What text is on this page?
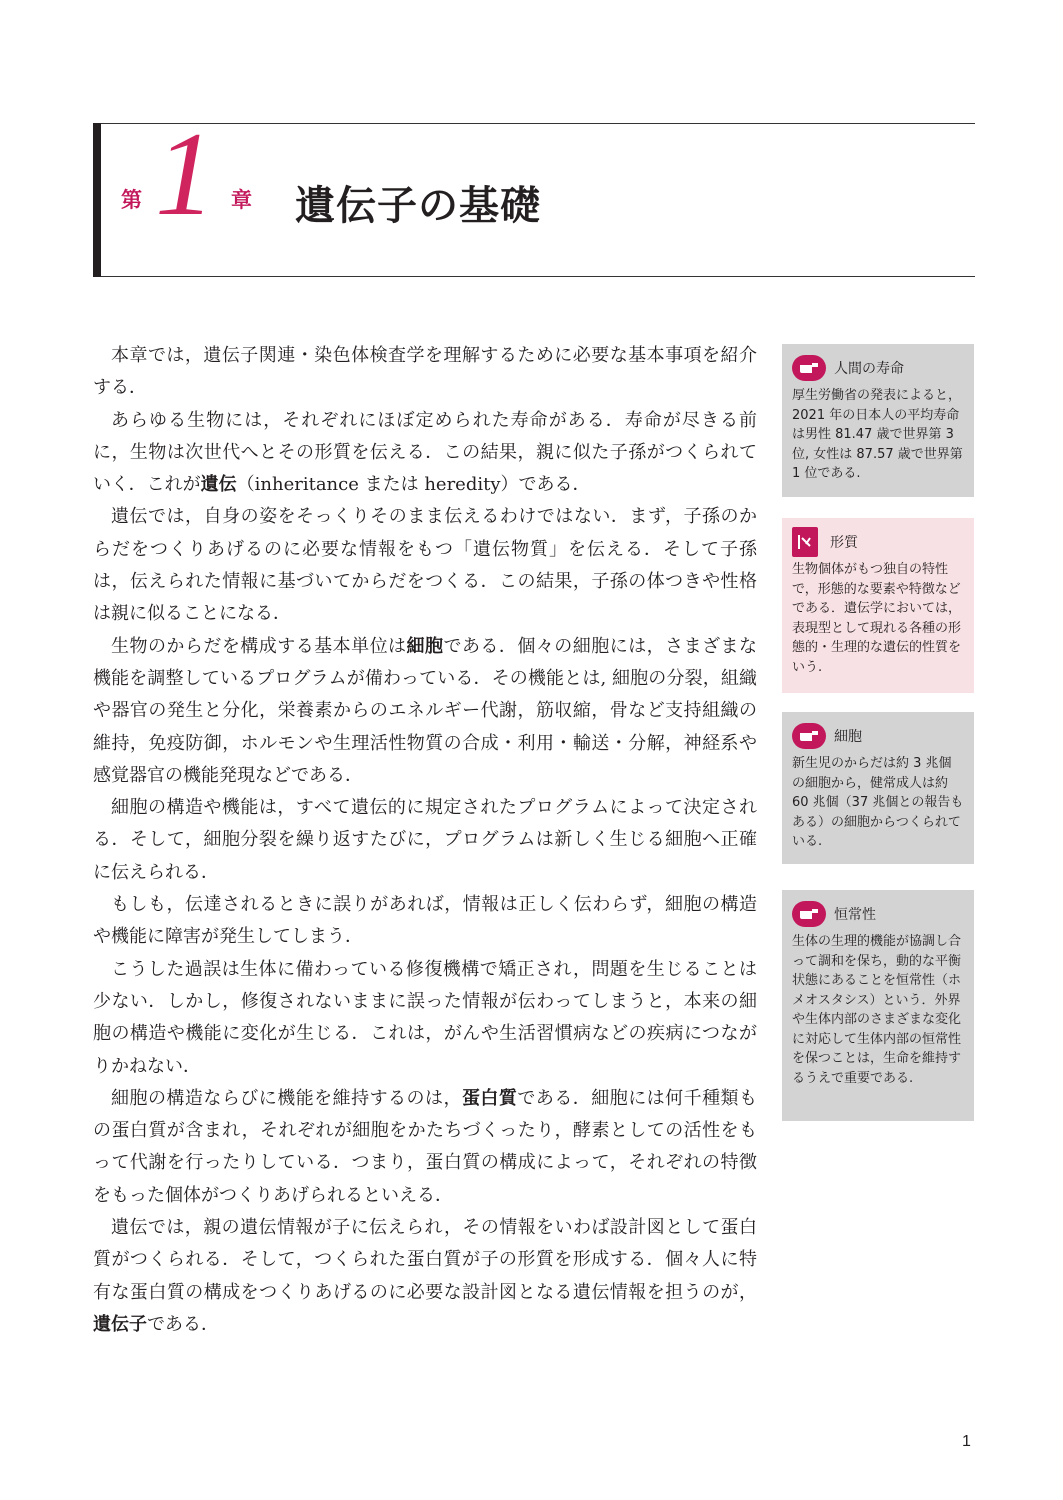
第 1 章 遺伝子の基礎

本章では，遺伝子関連・染色体検査学を理解するために必要な基本事項を紹介する．

あらゆる生物には，それぞれにほぼ定められた寿命がある．寿命が尽きる前に，生物は次世代へとその形質を伝える．この結果，親に似た子孫がつくられていく．これが遺伝（inheritance または heredity）である．

遺伝では，自身の姿をそっくりそのまま伝えるわけではない．まず，子孫のからだをつくりあげるのに必要な情報をもつ「遺伝物質」を伝える．そして子孫は，伝えられた情報に基づいてからだをつくる．この結果，子孫の体つきや性格は親に似ることになる．

生物のからだを構成する基本単位は細胞である．個々の細胞には，さまざまな機能を調整しているプログラムが備わっている．その機能とは, 細胞の分裂，組織や器官の発生と分化，栄養素からのエネルギー代謝，筋収縮，骨など支持組織の維持，免疫防御，ホルモンや生理活性物質の合成・利用・輸送・分解，神経系や感覚器官の機能発現などである．

細胞の構造や機能は，すべて遺伝的に規定されたプログラムによって決定される．そして，細胞分裂を繰り返すたびに，プログラムは新しく生じる細胞へ正確に伝えられる．

もしも，伝達されるときに誤りがあれば，情報は正しく伝わらず，細胞の構造や機能に障害が発生してしまう．

こうした過誤は生体に備わっている修復機構で矯正され，問題を生じることは少ない．しかし，修復されないままに誤った情報が伝わってしまうと，本来の細胞の構造や機能に変化が生じる．これは，がんや生活習慣病などの疾病につながりかねない．

細胞の構造ならびに機能を維持するのは，蛋白質である．細胞には何千種類もの蛋白質が含まれ，それぞれが細胞をかたちづくったり，酵素としての活性をもって代謝を行ったりしている．つまり，蛋白質の構成によって，それぞれの特徴をもった個体がつくりあげられるといえる．

遺伝では，親の遺伝情報が子に伝えられ，その情報をいわば設計図として蛋白質がつくられる．そして，つくられた蛋白質が子の形質を形成する．個々人に特有な蛋白質の構成をつくりあげるのに必要な設計図となる遺伝情報を担うのが，遺伝子である．

人間の寿命
厚生労働省の発表によると，2021 年の日本人の平均寿命は男性 81.47 歳で世界第 3 位, 女性は 87.57 歳で世界第 1 位である.
形質
生物個体がもつ独自の特性で，形態的な要素や特徴などである．遺伝学においては，表現型として現れる各種の形態的・生理的な遺伝的性質をいう.
細胞
新生児のからだは約 3 兆個の細胞から，健常成人は約 60 兆個（37 兆個との報告もある）の細胞からつくられている.
恒常性
生体の生理的機能が協調し合って調和を保ち，動的な平衡状態にあることを恒常性（ホメオスタシス）という．外界や生体内部のさまざまな変化に対応して生体内部の恒常性を保つことは，生命を維持するうえで重要である.
1
